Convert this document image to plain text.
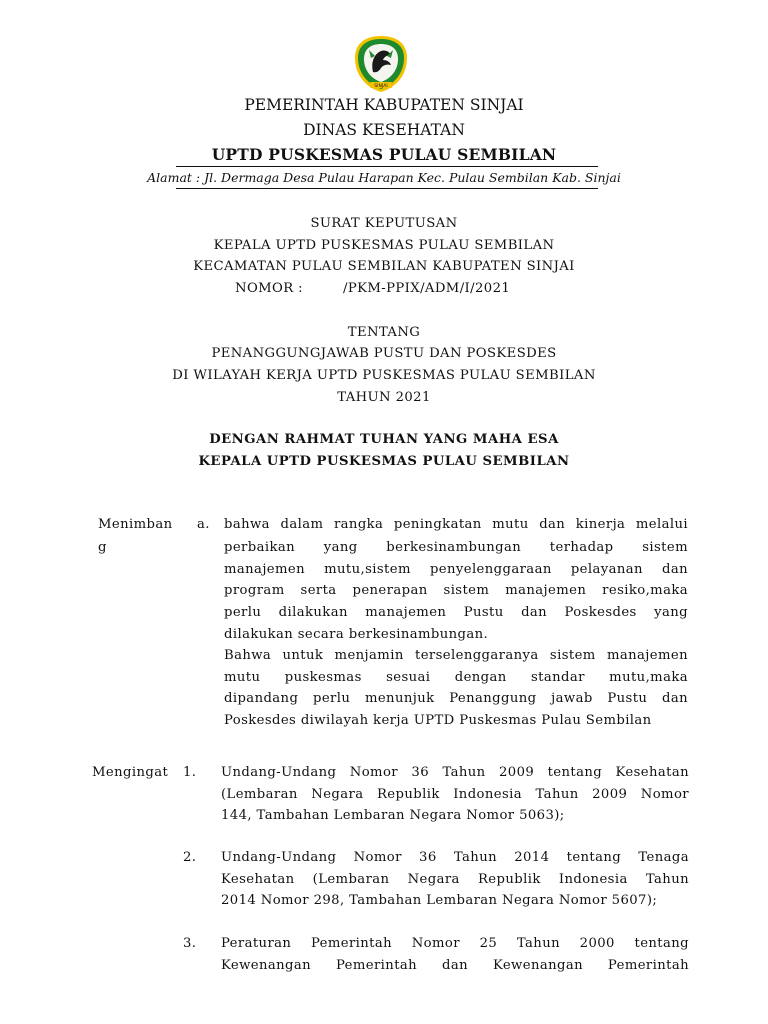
SINJAI
PEMERINTAH KABUPATEN SINJAI
DINAS KESEHATAN
UPTD PUSKESMAS PULAU SEMBILAN
Alamat : Jl. Dermaga Desa Pulau Harapan Kec. Pulau Sembilan Kab. Sinjai
SURAT KEPUTUSAN
KEPALA UPTD PUSKESMAS PULAU SEMBILAN
KECAMATAN PULAU SEMBILAN KABUPATEN SINJAI
NOMOR :	/PKM-PPIX/ADM/I/2021
TENTANG
PENANGGUNGJAWAB PUSTU DAN POSKESDES
DI WILAYAH KERJA UPTD PUSKESMAS PULAU SEMBILAN
TAHUN 2021
DENGAN RAHMAT TUHAN YANG MAHA ESA
KEPALA UPTD PUSKESMAS PULAU SEMBILAN
Menimban
g
a. bahwa dalam rangka peningkatan mutu dan kinerja melalui
perbaikan yang berkesinambungan terhadap sistem
manajemen mutu,sistem penyelenggaraan pelayanan dan
program serta penerapan sistem manajemen resiko,maka
perlu dilakukan manajemen Pustu dan Poskesdes yang
dilakukan secara berkesinambungan.
Bahwa untuk menjamin terselenggaranya sistem manajemen
mutu puskesmas sesuai dengan standar mutu,maka
dipandang perlu menunjuk Penanggung jawab Pustu dan
Poskesdes diwilayah kerja UPTD Puskesmas Pulau Sembilan
Mengingat 1. Undang-Undang Nomor 36 Tahun 2009 tentang Kesehatan
(Lembaran Negara Republik Indonesia Tahun 2009 Nomor
144, Tambahan Lembaran Negara Nomor 5063);
2. Undang-Undang Nomor 36 Tahun 2014 tentang Tenaga
Kesehatan (Lembaran Negara Republik Indonesia Tahun
2014 Nomor 298, Tambahan Lembaran Negara Nomor 5607);
3. Peraturan Pemerintah Nomor 25 Tahun 2000 tentang
Kewenangan Pemerintah dan Kewenangan Pemerintah
